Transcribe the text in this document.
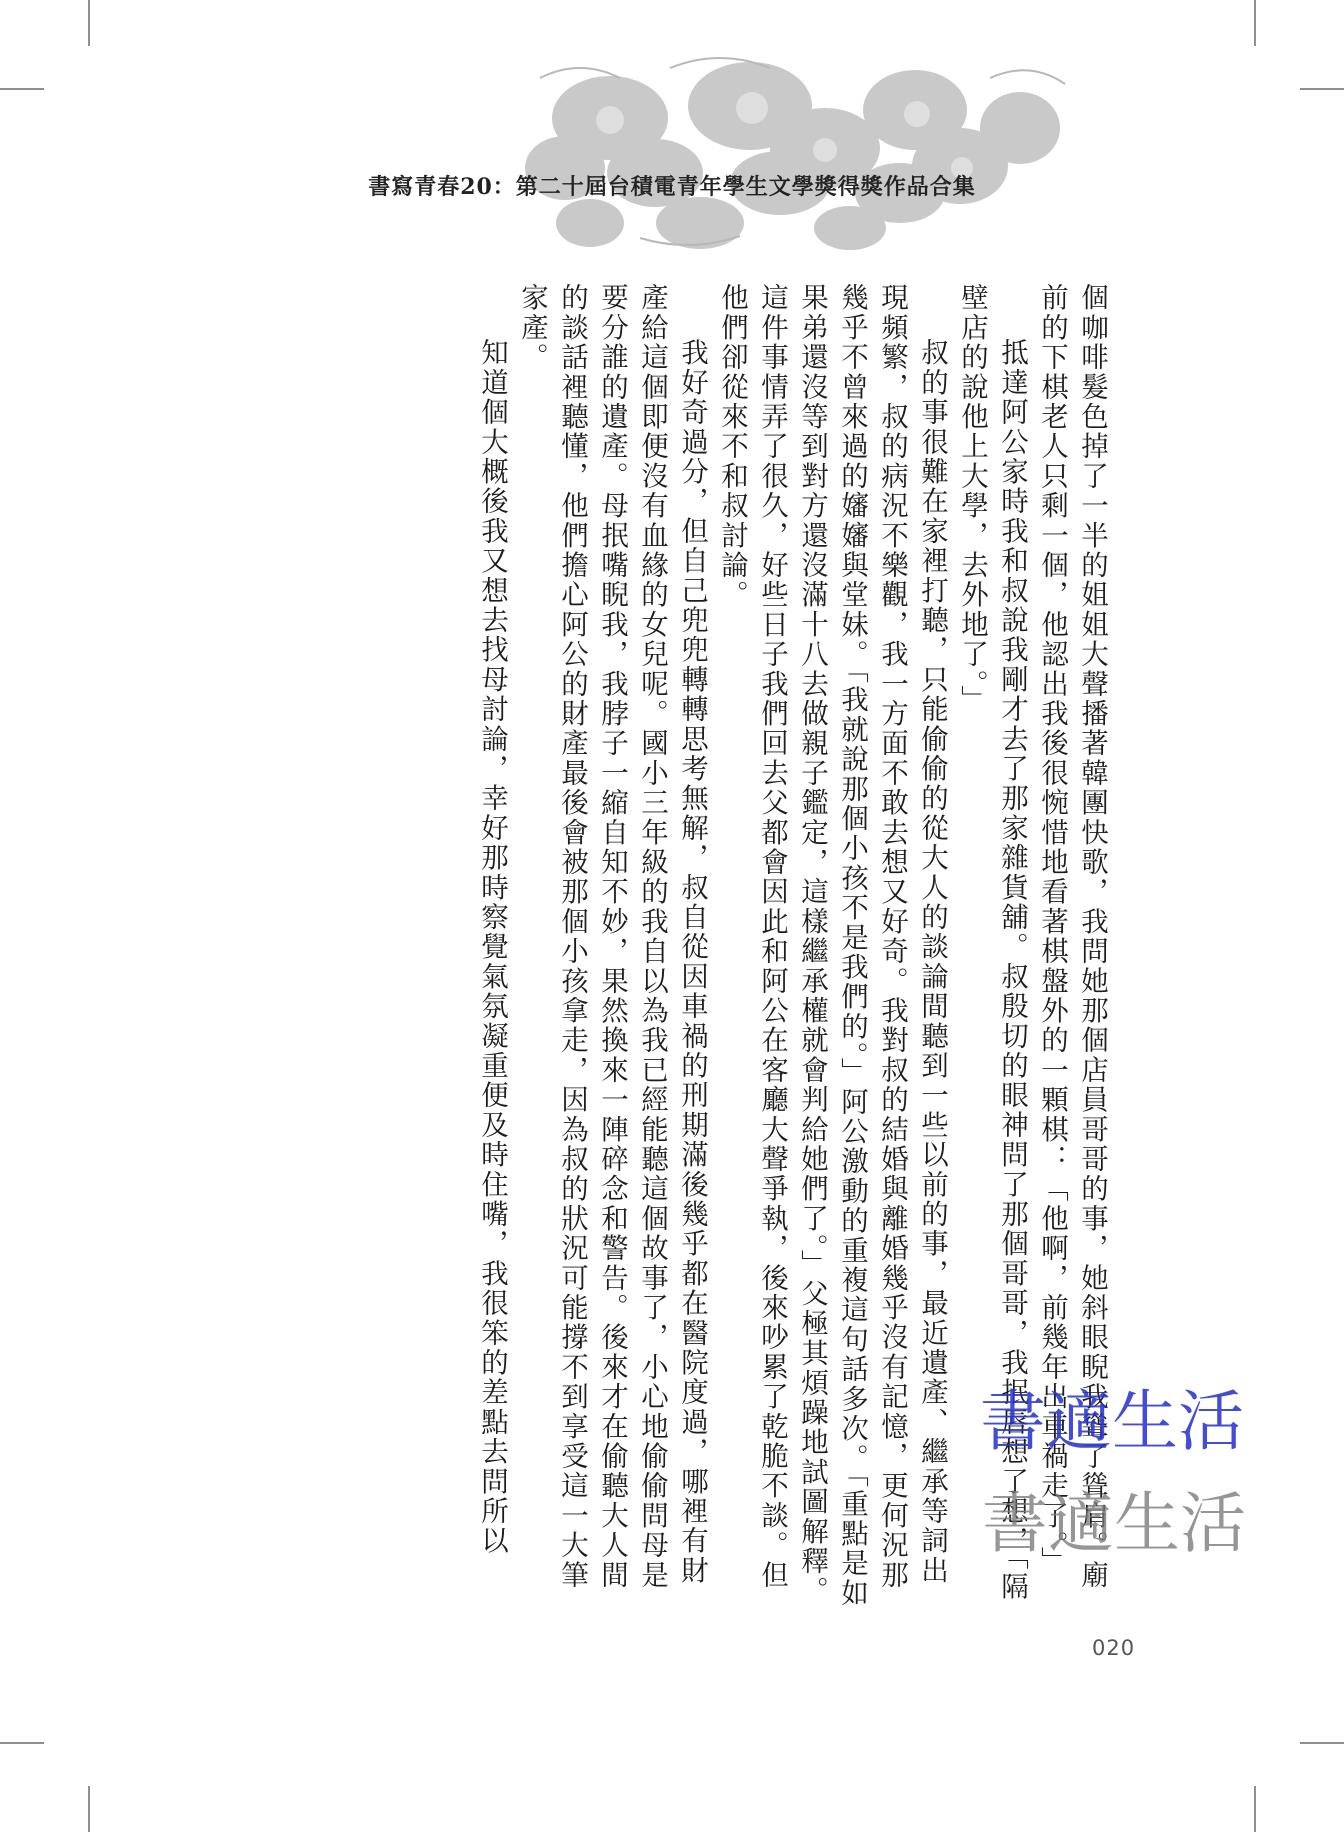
書寫青春20：第二十屆台積電青年學生文學獎得獎作品合集

個咖啡髮色掉了一半的姐姐大聲播著韓團快歌，我問她那個店員哥哥的事，她斜眼睨我聳了聳肩。廟前的下棋老人只剩一個，他認出我後很惋惜地看著棋盤外的一顆棋：「他啊，前幾年出車禍走了。」

抵達阿公家時我和叔說我剛才去了那家雜貨舖。叔殷切的眼神問了那個哥哥，我抿唇想了想，「隔壁店的說他上大學，去外地了。」

叔的事很難在家裡打聽，只能偷偷的從大人的談論間聽到一些以前的事，最近遺產、繼承等詞出現頻繁，叔的病況不樂觀，我一方面不敢去想又好奇。我對叔的結婚與離婚幾乎沒有記憶，更何況那幾乎不曾來過的嬸嬸與堂妹。「我就說那個小孩不是我們的。」阿公激動的重複這句話多次。「重點是如果弟還沒等到對方還沒滿十八去做親子鑑定，這樣繼承權就會判給她們了。」父極其煩躁地試圖解釋。這件事情弄了很久，好些日子我們回去父都會因此和阿公在客廳大聲爭執，後來吵累了乾脆不談。但他們卻從來不和叔討論。

我好奇過分，但自己兜兜轉轉思考無解，叔自從因車禍的刑期滿後幾乎都在醫院度過，哪裡有財產給這個即便沒有血緣的女兒呢。國小三年級的我自以為我已經能聽這個故事了，小心地偷偷問母是要分誰的遺產。母抿嘴睨我，我脖子一縮自知不妙，果然換來一陣碎念和警告。後來才在偷聽大人間的談話裡聽懂，他們擔心阿公的財產最後會被那個小孩拿走，因為叔的狀況可能撐不到享受這一大筆家產。

知道個大概後我又想去找母討論，幸好那時察覺氣氛凝重便及時住嘴，我很笨的差點去問所以

020
書適生活
書適生活
